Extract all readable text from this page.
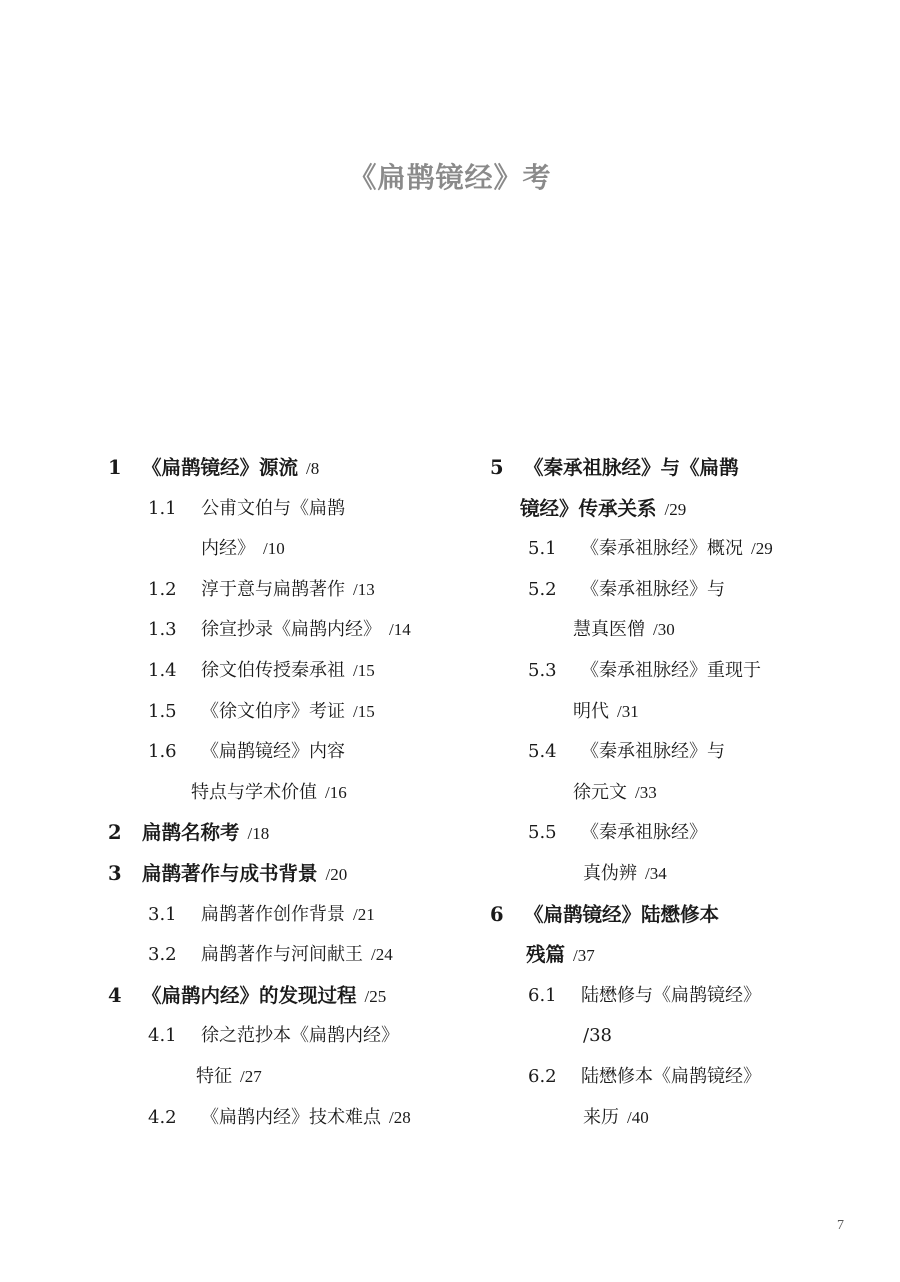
《扁鹊镜经》考
1 《扁鹊镜经》源流 /8
1.1 公甫文伯与《扁鹊
内经》 /10
1.2 淳于意与扁鹊著作 /13
1.3 徐宣抄录《扁鹊内经》 /14
1.4 徐文伯传授秦承祖 /15
1.5 《徐文伯序》考证 /15
1.6 《扁鹊镜经》内容
特点与学术价值 /16
2 扁鹊名称考 /18
3 扁鹊著作与成书背景 /20
3.1 扁鹊著作创作背景 /21
3.2 扁鹊著作与河间献王 /24
4 《扁鹊内经》的发现过程 /25
4.1 徐之范抄本《扁鹊内经》
特征 /27
4.2 《扁鹊内经》技术难点 /28
5 《秦承祖脉经》与《扁鹊
镜经》传承关系 /29
5.1 《秦承祖脉经》概况 /29
5.2 《秦承祖脉经》与
慧真医僧 /30
5.3 《秦承祖脉经》重现于
明代 /31
5.4 《秦承祖脉经》与
徐元文 /33
5.5 《秦承祖脉经》
真伪辨 /34
6 《扁鹊镜经》陆懋修本
残篇 /37
6.1 陆懋修与《扁鹊镜经》
/38
6.2 陆懋修本《扁鹊镜经》
来历 /40
7
